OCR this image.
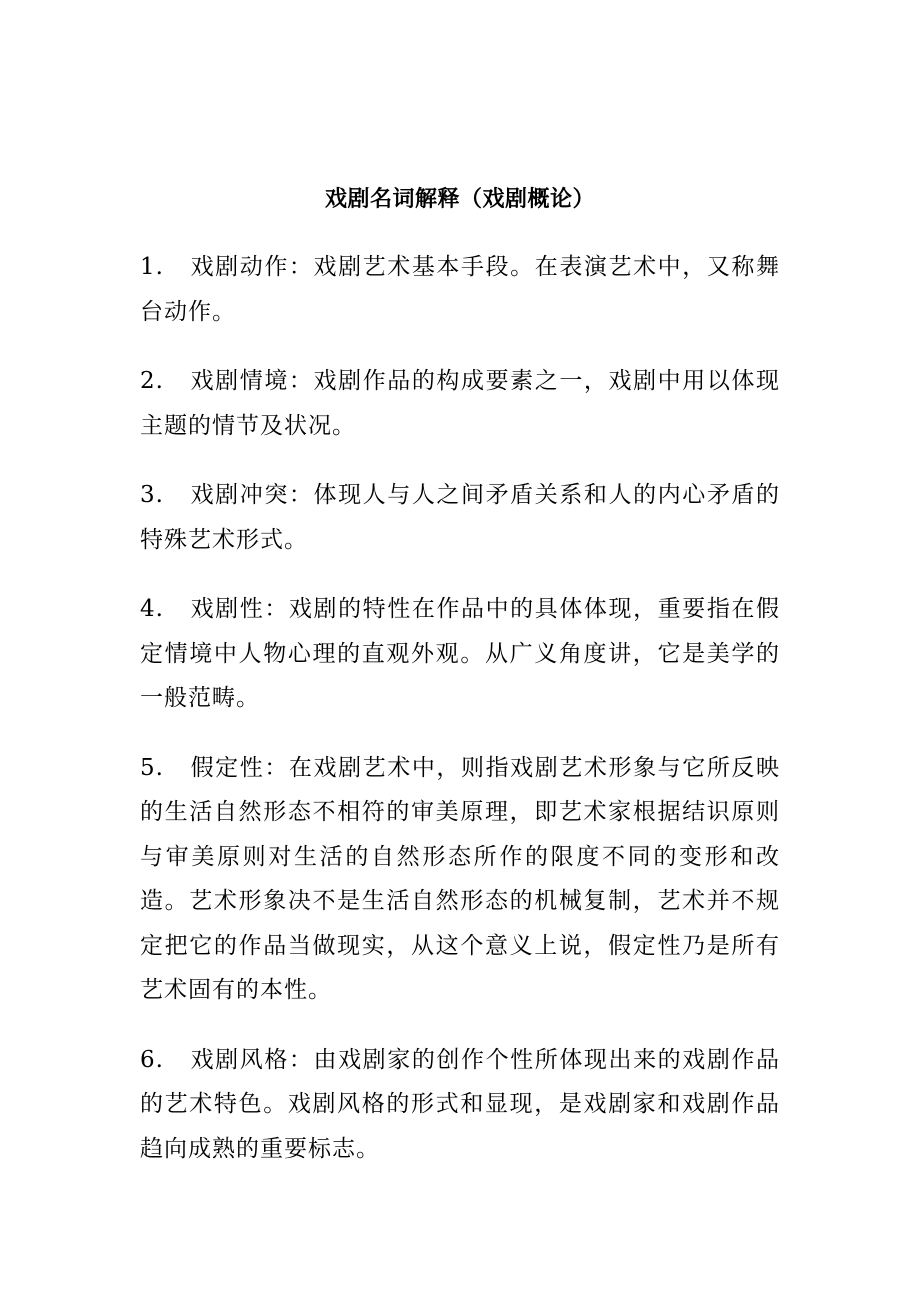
戏剧名词解释（戏剧概论）

1. 戏剧动作：戏剧艺术基本手段。在表演艺术中，又称舞台动作。

2. 戏剧情境：戏剧作品的构成要素之一，戏剧中用以体现主题的情节及状况。

3. 戏剧冲突：体现人与人之间矛盾关系和人的内心矛盾的特殊艺术形式。

4. 戏剧性：戏剧的特性在作品中的具体体现，重要指在假定情境中人物心理的直观外观。从广义角度讲，它是美学的一般范畴。

5. 假定性：在戏剧艺术中，则指戏剧艺术形象与它所反映的生活自然形态不相符的审美原理，即艺术家根据结识原则与审美原则对生活的自然形态所作的限度不同的变形和改造。艺术形象决不是生活自然形态的机械复制，艺术并不规定把它的作品当做现实，从这个意义上说，假定性乃是所有艺术固有的本性。

6. 戏剧风格：由戏剧家的创作个性所体现出来的戏剧作品的艺术特色。戏剧风格的形式和显现，是戏剧家和戏剧作品趋向成熟的重要标志。
